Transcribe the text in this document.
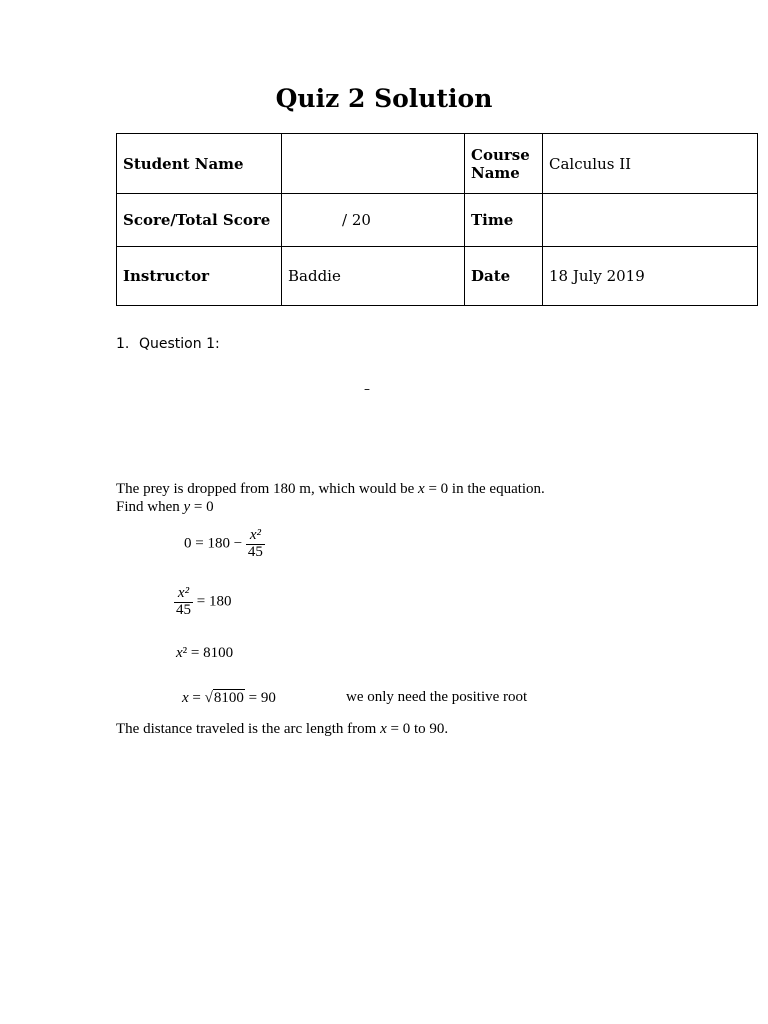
Quiz 2 Solution
Student Name		Course Name	Calculus II
Score/Total Score	/ 20	Time	
Instructor	Baddie	Date	18 July 2019
1. Question 1:
–
The prey is dropped from 180 m, which would be x = 0 in the equation.
Find when y = 0
$0 = 180 - \frac{\text{x²}}{45}$
$\frac{\text{x²}}{45} = 180$
x² = 8100
x = √8100 = 90	we only need the positive root
The distance traveled is the arc length from x = 0 to 90.
